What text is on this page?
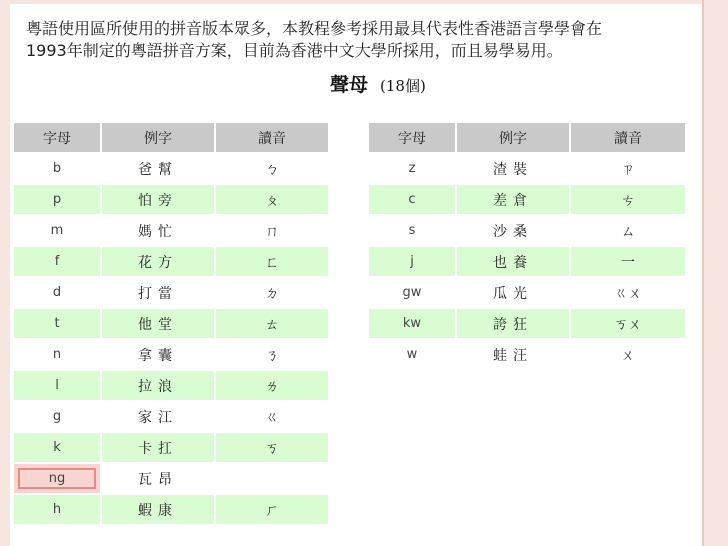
粵語使用區所使用的拼音版本眾多，本教程參考採用最具代表性香港語言學學會在
1993年制定的粵語拼音方案，目前為香港中文大學所採用，而且易學易用。
聲母 (18個)
字母	例字	讀音
b	爸幫	ㄅ
p	怕旁	ㄆ
m	媽忙	ㄇ
f	花方	ㄈ
d	打當	ㄉ
t	他堂	ㄊ
n	拿囊	ㄋ
l	拉浪	ㄌ
g	家江	ㄍ
k	卡扛	ㄎ
ng	瓦昂	
h	蝦康	ㄏ
字母	例字	讀音
z	渣裝	ㄗ
c	差倉	ㄘ
s	沙桑	ㄙ
j	也養	一
gw	瓜光	ㄍㄨ
kw	誇狂	ㄎㄨ
w	蛙汪	ㄨ
